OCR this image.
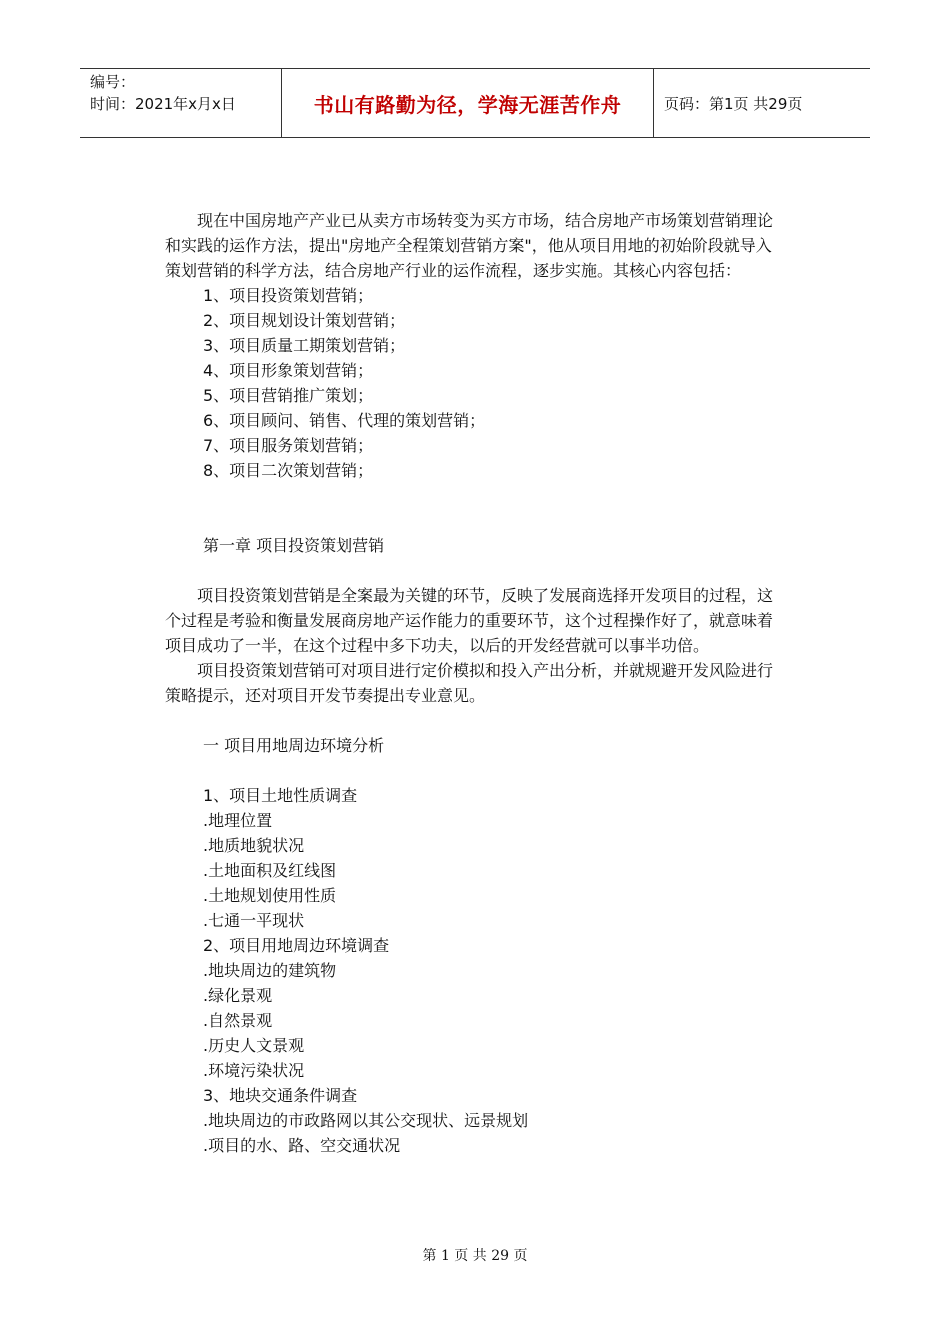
编号：
时间：2021年x月x日	书山有路勤为径，学海无涯苦作舟	页码：第1页 共29页

现在中国房地产产业已从卖方市场转变为买方市场，结合房地产市场策划营销理论和实践的运作方法，提出"房地产全程策划营销方案"，他从项目用地的初始阶段就导入策划营销的科学方法，结合房地产行业的运作流程，逐步实施。其核心内容包括：

1、项目投资策划营销；

2、项目规划设计策划营销；

3、项目质量工期策划营销；

4、项目形象策划营销；

5、项目营销推广策划；

6、项目顾问、销售、代理的策划营销；

7、项目服务策划营销；

8、项目二次策划营销；

第一章 项目投资策划营销

项目投资策划营销是全案最为关键的环节，反映了发展商选择开发项目的过程，这个过程是考验和衡量发展商房地产运作能力的重要环节，这个过程操作好了，就意味着项目成功了一半，在这个过程中多下功夫，以后的开发经营就可以事半功倍。

项目投资策划营销可对项目进行定价模拟和投入产出分析，并就规避开发风险进行策略提示，还对项目开发节奏提出专业意见。

一 项目用地周边环境分析

1、项目土地性质调查

.地理位置

.地质地貌状况

.土地面积及红线图

.土地规划使用性质

.七通一平现状

2、项目用地周边环境调查

.地块周边的建筑物

.绿化景观

.自然景观

.历史人文景观

.环境污染状况

3、地块交通条件调查

.地块周边的市政路网以其公交现状、远景规划

.项目的水、路、空交通状况

第 1 页 共 29 页
